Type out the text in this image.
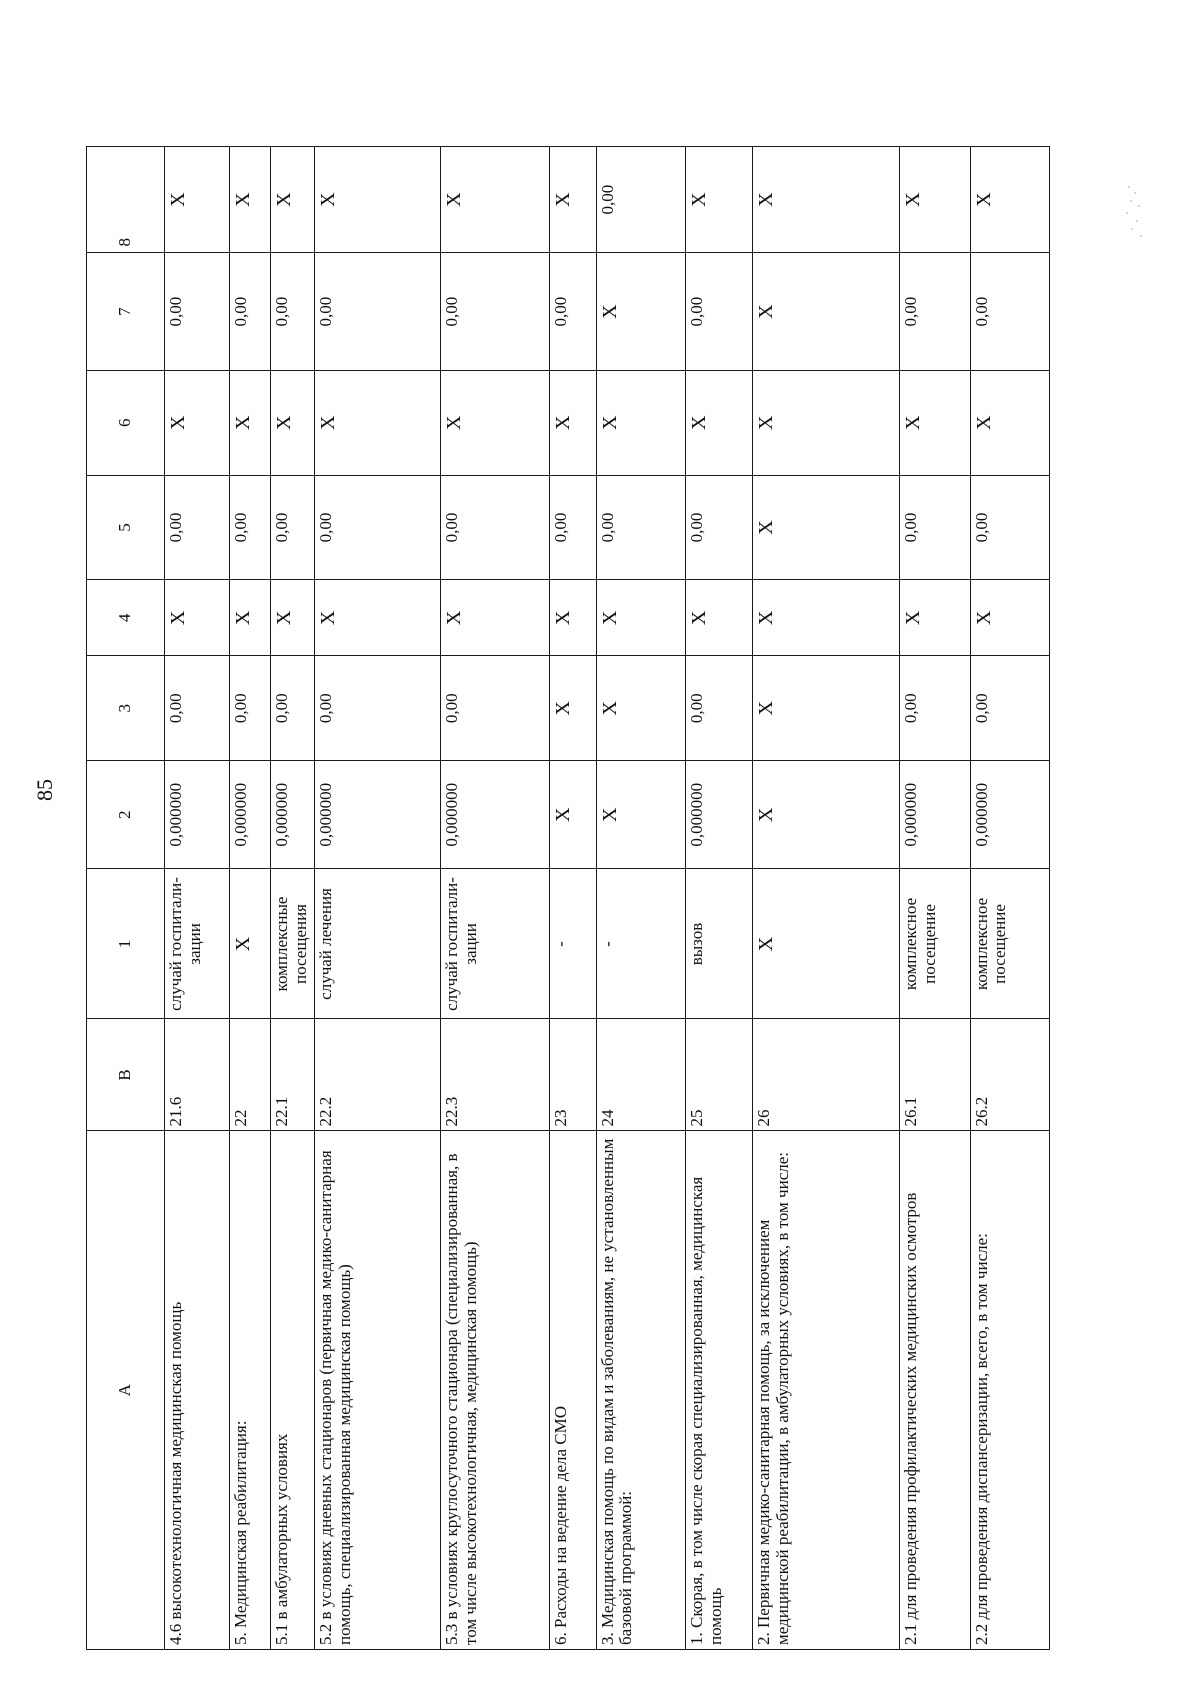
85
А	В	1	2	3	4	5	6	7	8
4.6 высокотехнологичная медицинская помощь	21.6	случай госпитали-зации	0,000000	0,00	Х	0,00	Х	0,00	Х
5. Медицинская реабилитация:	22	Х	0,000000	0,00	Х	0,00	Х	0,00	Х
5.1 в амбулаторных условиях	22.1	комплексные посещения	0,000000	0,00	Х	0,00	Х	0,00	Х
5.2 в условиях дневных стационаров (первичная медико-санитарная помощь, специализированная медицинская помощь)	22.2	случай лечения	0,000000	0,00	Х	0,00	Х	0,00	Х
5.3 в условиях круглосуточного стационара (специализированная, в том числе высокотехнологичная, медицинская помощь)	22.3	случай госпитали-зации	0,000000	0,00	Х	0,00	Х	0,00	Х
6. Расходы на ведение дела СМО	23	-	Х	Х	Х	0,00	Х	0,00	Х
3. Медицинская помощь по видам и заболеваниям, не установленным базовой программой:	24	-	Х	Х	Х	0,00	Х	Х	0,00
1. Скорая, в том числе скорая специализированная, медицинская помощь	25	вызов	0,000000	0,00	Х	0,00	Х	0,00	Х
2. Первичная медико-санитарная помощь, за исключением медицинской реабилитации, в амбулаторных условиях, в том числе:	26	Х	Х	Х	Х	Х	Х	Х	Х
2.1 для проведения профилактических медицинских осмотров	26.1	комплексное посещение	0,000000	0,00	Х	0,00	Х	0,00	Х
2.2 для проведения диспансеризации, всего, в том числе:	26.2	комплексное посещение	0,000000	0,00	Х	0,00	Х	0,00	Х
